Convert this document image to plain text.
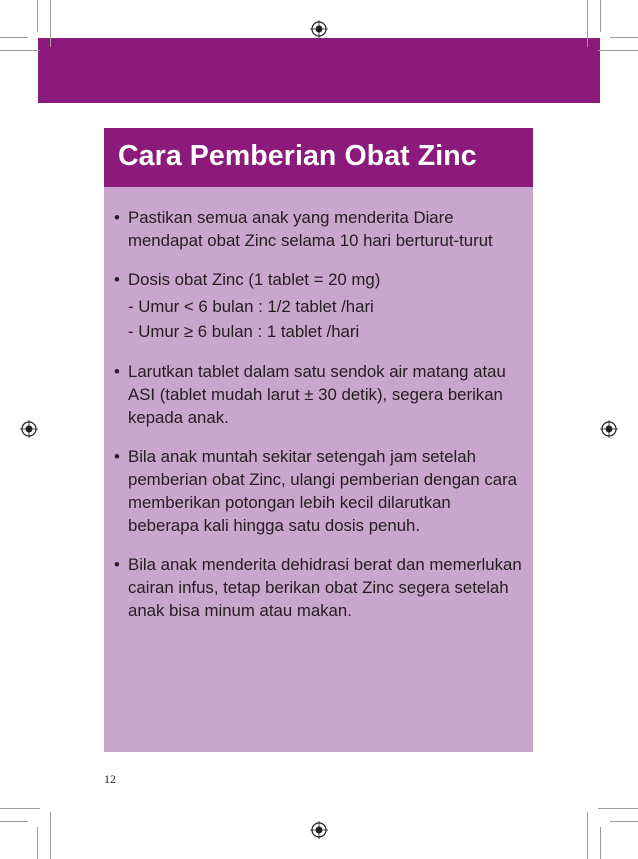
Cara Pemberian Obat Zinc
• Pastikan semua anak yang menderita Diare
mendapat obat Zinc selama 10 hari berturut-turut
• Dosis obat Zinc (1 tablet = 20 mg)
- Umur < 6 bulan : 1/2 tablet /hari
- Umur ≥ 6 bulan : 1 tablet /hari
• Larutkan tablet dalam satu sendok air matang atau
ASI (tablet mudah larut ± 30 detik), segera berikan
kepada anak.
• Bila anak muntah sekitar setengah jam setelah
pemberian obat Zinc, ulangi pemberian dengan cara
memberikan potongan lebih kecil dilarutkan
beberapa kali hingga satu dosis penuh.
• Bila anak menderita dehidrasi berat dan memerlukan
cairan infus, tetap berikan obat Zinc segera setelah
anak bisa minum atau makan.
12
